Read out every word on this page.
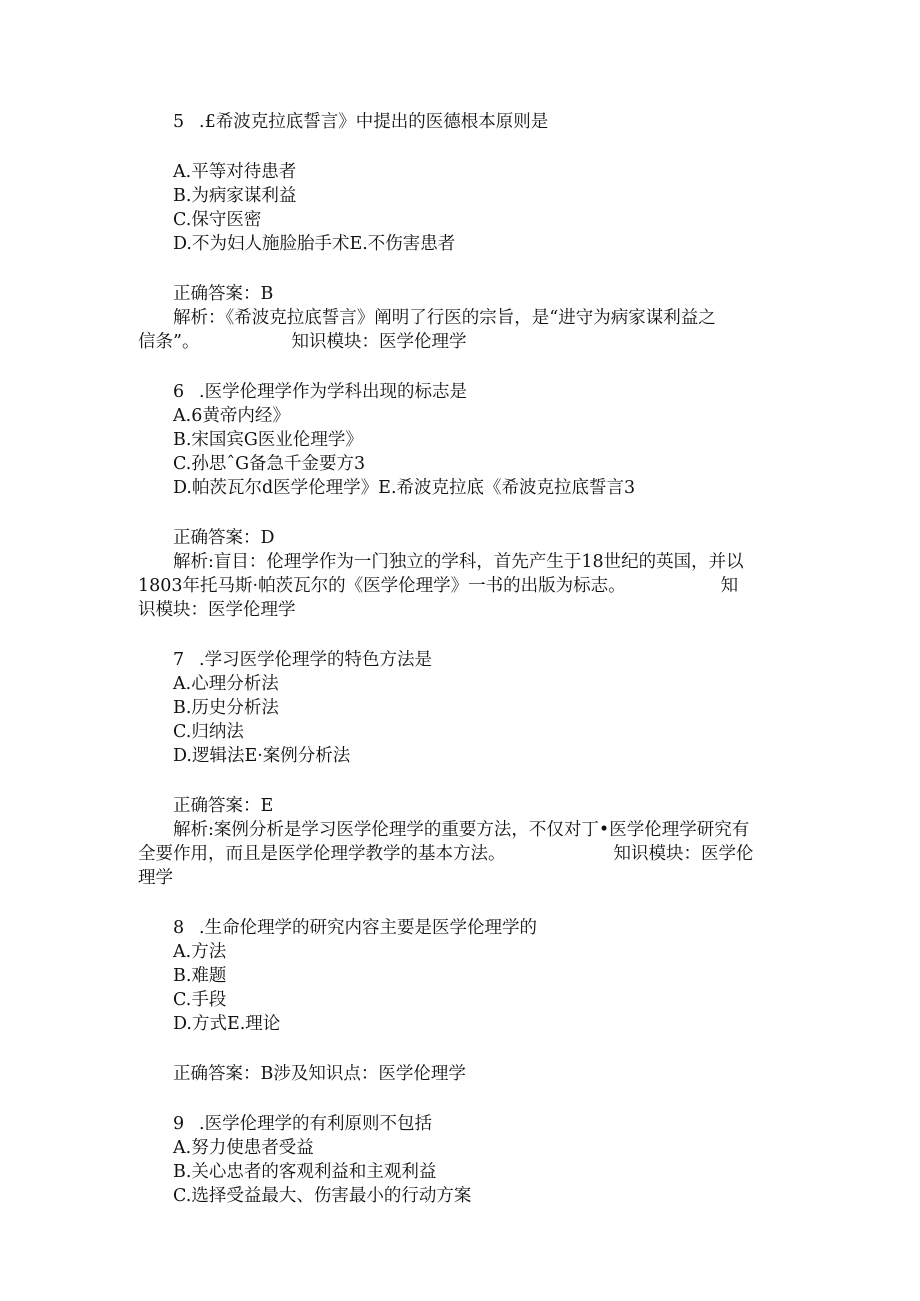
5 .£希波克拉底誓言》中提出的医德根本原则是
A.平等对待患者
B.为病家谋利益
C.保守医密
D.不为妇人施脸胎手术E.不伤害患者
正确答案：B
解析：《希波克拉底誓言》阐明了行医的宗旨，是“进守为病家谋利益之
信条”。	知识模块：医学伦理学
6 .医学伦理学作为学科出现的标志是
A.6黄帝内经》
B.宋国宾G医业伦理学》
C.孙思ˆG备急千金要方3
D.帕茨瓦尔d医学伦理学》E.希波克拉底《希波克拉底誓言3
正确答案：D
解析:盲目：伦理学作为一门独立的学科，首先产生于18世纪的英国，并以
1803年托马斯·帕茨瓦尔的《医学伦理学》一书的出版为标志。	知
识模块：医学伦理学
7 .学习医学伦理学的特色方法是
A.心理分析法
B.历史分析法
C.归纳法
D.逻辑法E·案例分析法
正确答案：E
解析:案例分析是学习医学伦理学的重要方法，不仅对丁•医学伦理学研究有
全要作用，而且是医学伦理学教学的基本方法。	知识模块：医学伦
理学
8 .生命伦理学的研究内容主要是医学伦理学的
A.方法
B.难题
C.手段
D.方式E.理论
正确答案：B涉及知识点：医学伦理学
9 .医学伦理学的有利原则不包括
A.努力使患者受益
B.关心忠者的客观利益和主观利益
C.选择受益最大、伤害最小的行动方案
